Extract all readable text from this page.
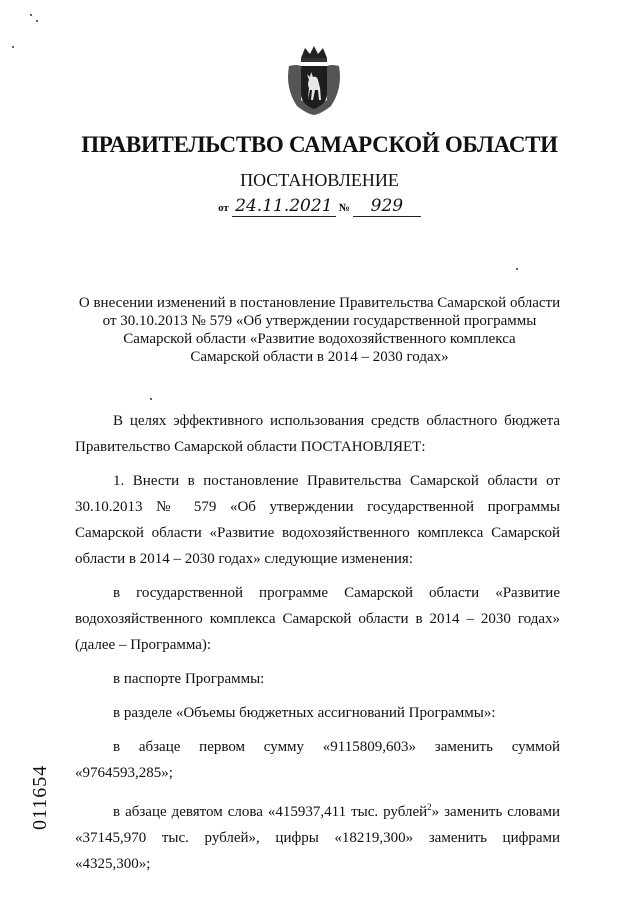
ПРАВИТЕЛЬСТВО САМАРСКОЙ ОБЛАСТИ
ПОСТАНОВЛЕНИЕ
от 24.11.2021 № 929
О внесении изменений в постановление Правительства Самарской области
от 30.10.2013 № 579 «Об утверждении государственной программы
Самарской области «Развитие водохозяйственного комплекса
Самарской области в 2014 – 2030 годах»

В целях эффективного использования средств областного бюджета Правительство Самарской области ПОСТАНОВЛЯЕТ:

1. Внести в постановление Правительства Самарской области от 30.10.2013 № 579 «Об утверждении государственной программы Самарской области «Развитие водохозяйственного комплекса Самарской области в 2014 – 2030 годах» следующие изменения:

в государственной программе Самарской области «Развитие водохозяйственного комплекса Самарской области в 2014 – 2030 годах» (далее – Программа):

в паспорте Программы:

в разделе «Объемы бюджетных ассигнований Программы»:

в абзаце первом сумму «9115809,603» заменить суммой «9764593,285»;

в абзаце девятом слова «415937,411 тыс. рублей$^2$» заменить словами «37145,970 тыс. рублей», цифры «18219,300» заменить цифрами «4325,300»;

011654
